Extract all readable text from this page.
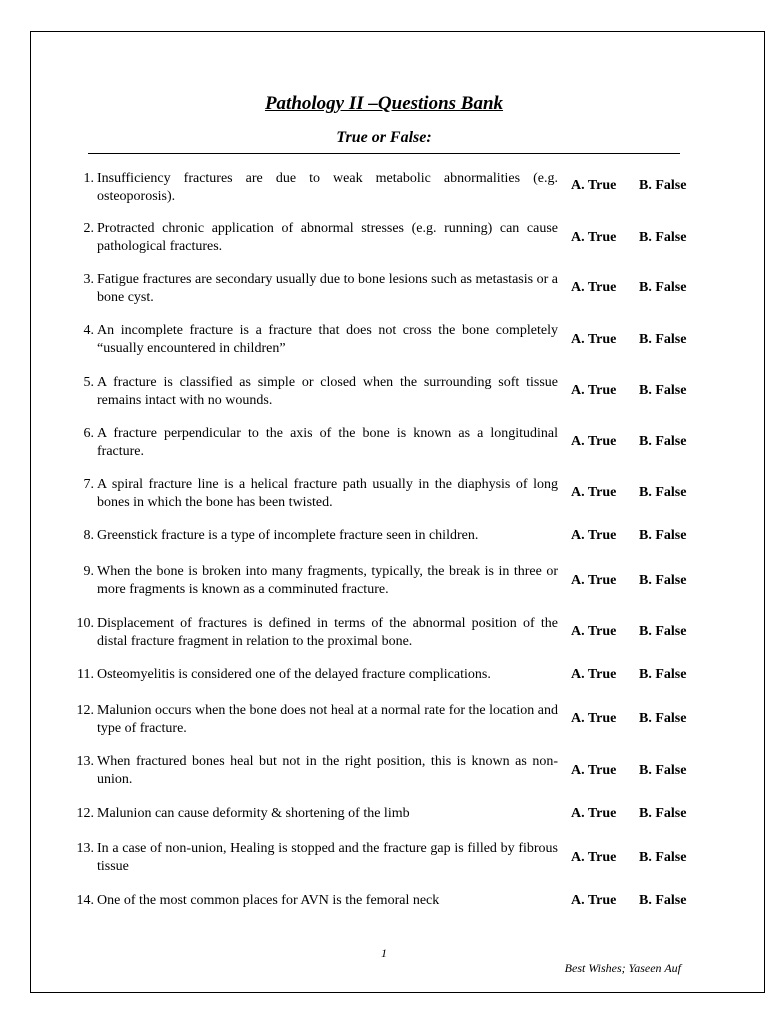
Pathology II –Questions Bank
True or False:
1. Insufficiency fractures are due to weak metabolic abnormalities (e.g. osteoporosis).
A. True B. False
2. Protracted chronic application of abnormal stresses (e.g. running) can cause pathological fractures.
A. True B. False
3. Fatigue fractures are secondary usually due to bone lesions such as metastasis or a bone cyst.
A. True B. False
4. An incomplete fracture is a fracture that does not cross the bone completely “usually encountered in children”
A. True B. False
5. A fracture is classified as simple or closed when the surrounding soft tissue remains intact with no wounds.
A. True B. False
6. A fracture perpendicular to the axis of the bone is known as a longitudinal fracture.
A. True B. False
7. A spiral fracture line is a helical fracture path usually in the diaphysis of long bones in which the bone has been twisted.
A. True B. False
8. Greenstick fracture is a type of incomplete fracture seen in children.	A. True B. False
9. When the bone is broken into many fragments, typically, the break is in three or more fragments is known as a comminuted fracture.
A. True B. False
10. Displacement of fractures is defined in terms of the abnormal position of the distal fracture fragment in relation to the proximal bone.
A. True B. False
11. Osteomyelitis is considered one of the delayed fracture complications.	A. True B. False
12. Malunion occurs when the bone does not heal at a normal rate for the location and type of fracture.
A. True B. False
13. When fractured bones heal but not in the right position, this is known as non-union.
A. True B. False
12. Malunion can cause deformity & shortening of the limb	A. True B. False
13. In a case of non-union, Healing is stopped and the fracture gap is filled by fibrous tissue
A. True B. False
14. One of the most common places for AVN is the femoral neck	A. True B. False
1
Best Wishes; Yaseen Auf
